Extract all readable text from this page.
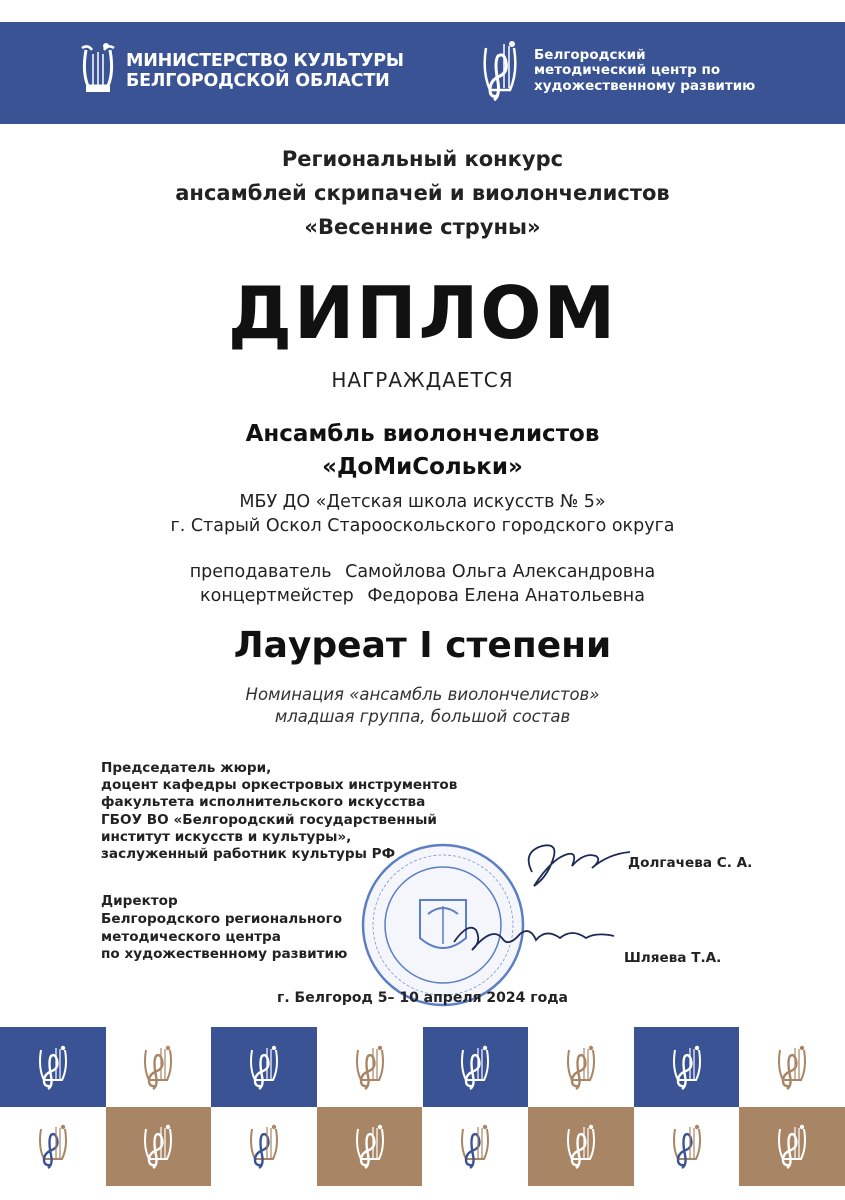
МИНИСТЕРСТВО КУЛЬТУРЫ
БЕЛГОРОДСКОЙ ОБЛАСТИ
Белгородский
методический центр по
художественному развитию
Региональный конкурс
ансамблей скрипачей и виолончелистов
«Весенние струны»
ДИПЛОМ
НАГРАЖДАЕТСЯ
Ансамбль виолончелистов
«ДоМиСольки»
МБУ ДО «Детская школа искусств № 5»
г. Старый Оскол Старооскольского городского округа
преподаватель Самойлова Ольга Александровна
концертмейстер Федорова Елена Анатольевна
Лауреат I степени
Номинация «ансамбль виолончелистов»
младшая группа, большой состав
Председатель жюри,
доцент кафедры оркестровых инструментов
факультета исполнительского искусства
ГБОУ ВО «Белгородский государственный
институт искусств и культуры»,
заслуженный работник культуры РФ
Долгачева С. А.
Директор
Белгородского регионального
методического центра
по художественному развитию	Шляева Т.А.
г. Белгород 5– 10 апреля 2024 года
